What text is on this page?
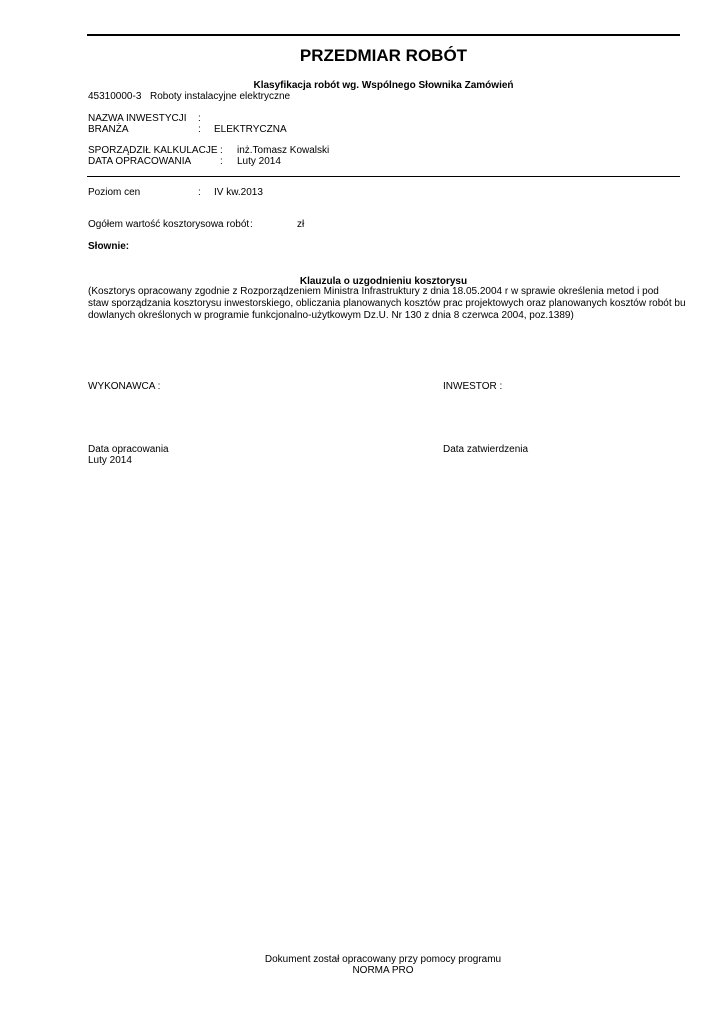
PRZEDMIAR ROBÓT
Klasyfikacja robót wg. Wspólnego Słownika Zamówień
45310000-3 Roboty instalacyjne elektryczne
NAZWA INWESTYCJI :
BRANŻA	: ELEKTRYCZNA
SPORZĄDZIŁ KALKULACJE : inż.Tomasz Kowalski
DATA OPRACOWANIA	: Luty 2014
Poziom cen	: IV kw.2013
Ogółem wartość kosztorysowa robót :	zł
Słownie:
Klauzula o uzgodnieniu kosztorysu
(Kosztorys opracowany zgodnie z Rozporządzeniem Ministra Infrastruktury z dnia 18.05.2004 r w sprawie określenia metod i pod
staw sporządzania kosztorysu inwestorskiego, obliczania planowanych kosztów prac projektowych oraz planowanych kosztów robót bu
dowlanych określonych w programie funkcjonalno-użytkowym Dz.U. Nr 130 z dnia 8 czerwca 2004, poz.1389)
WYKONAWCA :	INWESTOR :
Data opracowania
Luty 2014
Data zatwierdzenia
Dokument został opracowany przy pomocy programu
NORMA PRO
